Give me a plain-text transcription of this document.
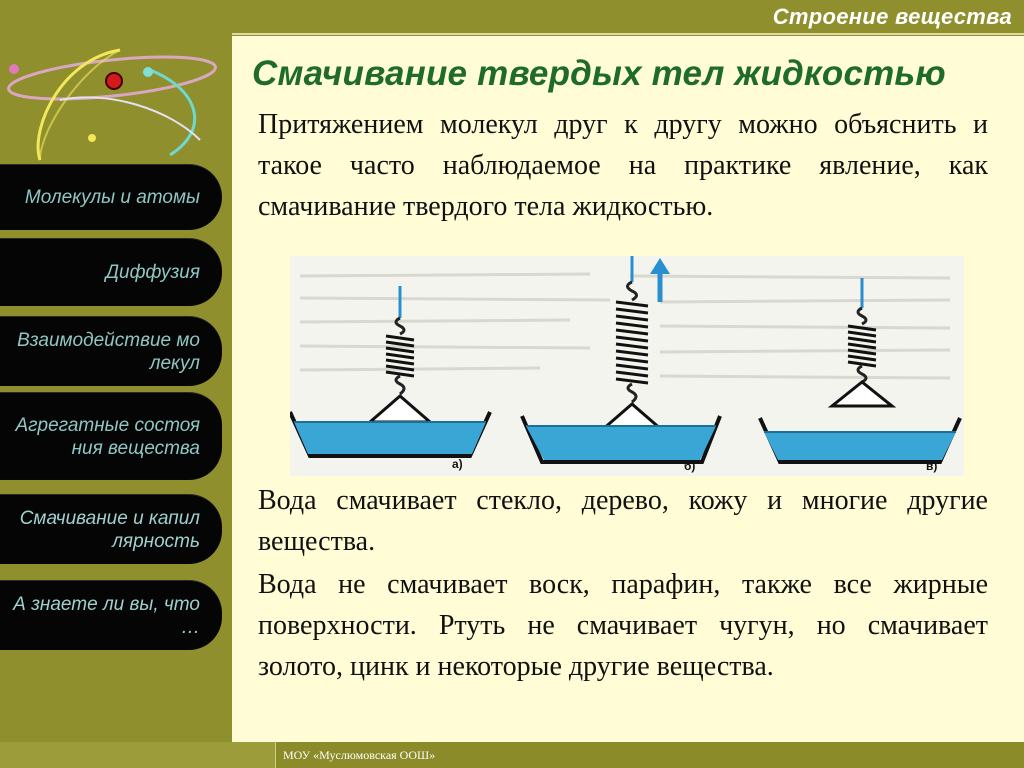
Строение вещества
Молекулы и атомы
Диффузия
Взаимодействие молекул
Агрегатные состояния вещества
Смачивание и капиллярность
А знаете ли вы, что …
Смачивание твердых тел жидкостью
Притяжением молекул друг к другу можно объяснить и такое часто наблюдаемое на практике явление, как смачивание твердого тела жидкостью.
а)	б)	в)
Вода смачивает стекло, дерево, кожу и многие другие вещества.
Вода не смачивает воск, парафин, также все жирные поверхности. Ртуть не смачивает чугун, но смачивает золото, цинк и некоторые другие вещества.
МОУ «Муслюмовская ООШ»
